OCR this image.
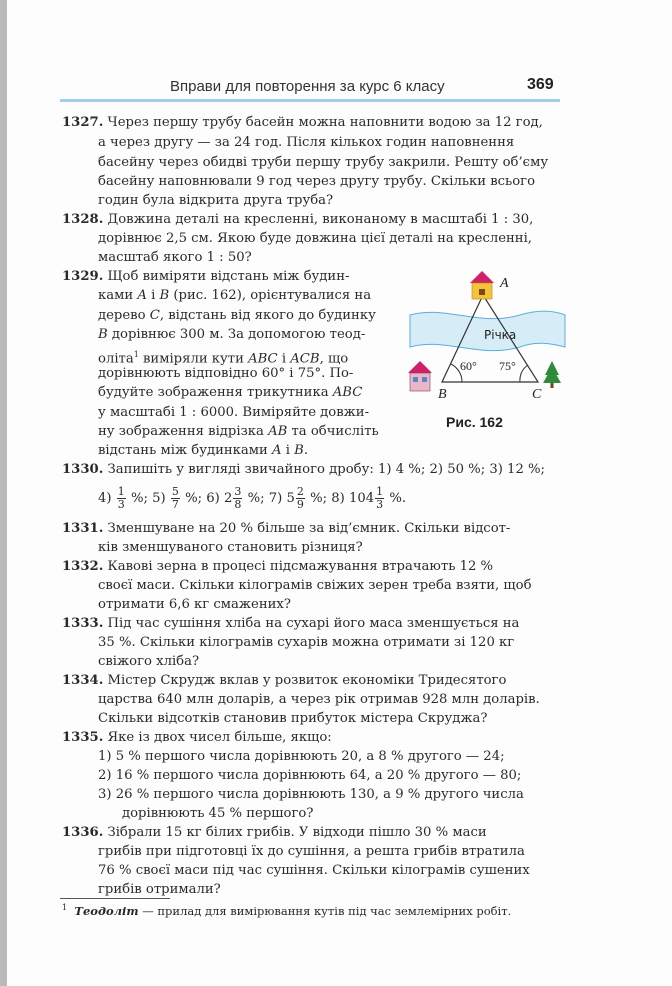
Вправи для повторення за курс 6 класу	369
1327. Через першу трубу басейн можна наповнити водою за 12 год,
а через другу — за 24 год. Після кількох годин наповнення
басейну через обидві труби першу трубу закрили. Решту об’єму
басейну наповнювали 9 год через другу трубу. Скільки всього
годин була відкрита друга труба?
1328. Довжина деталі на кресленні, виконаному в масштабі 1 : 30,
дорівнює 2,5 см. Якою буде довжина цієї деталі на кресленні,
масштаб якого 1 : 50?
1329. Щоб виміряти відстань між будин-
ками A і B (рис. 162), орієнтувалися на
дерево C, відстань від якого до будинку
B дорівнює 300 м. За допомогою теод-
оліта$^1$ виміряли кути ABC і ACB, що
дорівнюють відповідно 60° і 75°. По-
будуйте зображення трикутника ABC
у масштабі 1 : 6000. Виміряйте довжи-
ну зображення відрізка AB та обчисліть
відстань між будинками A і B.
A
B	C
Річка
60° 75°
Рис. 162
1330. Запишіть у вигляді звичайного дробу: 1) 4 %; 2) 50 %; 3) 12 %;
$4) \frac{1}{3}$ %; $5) \frac{5}{7}$ %; 6) $2 \frac{3}{8}$ %; 7) $5 \frac{2}{9}$ %; 8) $104 \frac{1}{3}$ %.
1331. Зменшуване на 20 % більше за від’ємник. Скільки відсот-
ків зменшуваного становить різниця?
1332. Кавові зерна в процесі підсмажування втрачають 12 %
своєї маси. Скільки кілограмів свіжих зерен треба взяти, щоб
отримати 6,6 кг смажених?
1333. Під час сушіння хліба на сухарі його маса зменшується на
35 %. Скільки кілограмів сухарів можна отримати зі 120 кг
свіжого хліба?
1334. Містер Скрудж вклав у розвиток економіки Тридесятого
царства 640 млн доларів, а через рік отримав 928 млн доларів.
Скільки відсотків становив прибуток містера Скруджа?
1335. Яке із двох чисел більше, якщо:
1) 5 % першого числа дорівнюють 20, а 8 % другого — 24;
2) 16 % першого числа дорівнюють 64, а 20 % другого — 80;
3) 26 % першого числа дорівнюють 130, а 9 % другого числа
дорівнюють 45 % першого?
1336. Зібрали 15 кг білих грибів. У відходи пішло 30 % маси
грибів при підготовці їх до сушіння, а решта грибів втратила
76 % своєї маси під час сушіння. Скільки кілограмів сушених
грибів отримали?
$^1$ Теодоліт — прилад для вимірювання кутів під час землемірних робіт.
